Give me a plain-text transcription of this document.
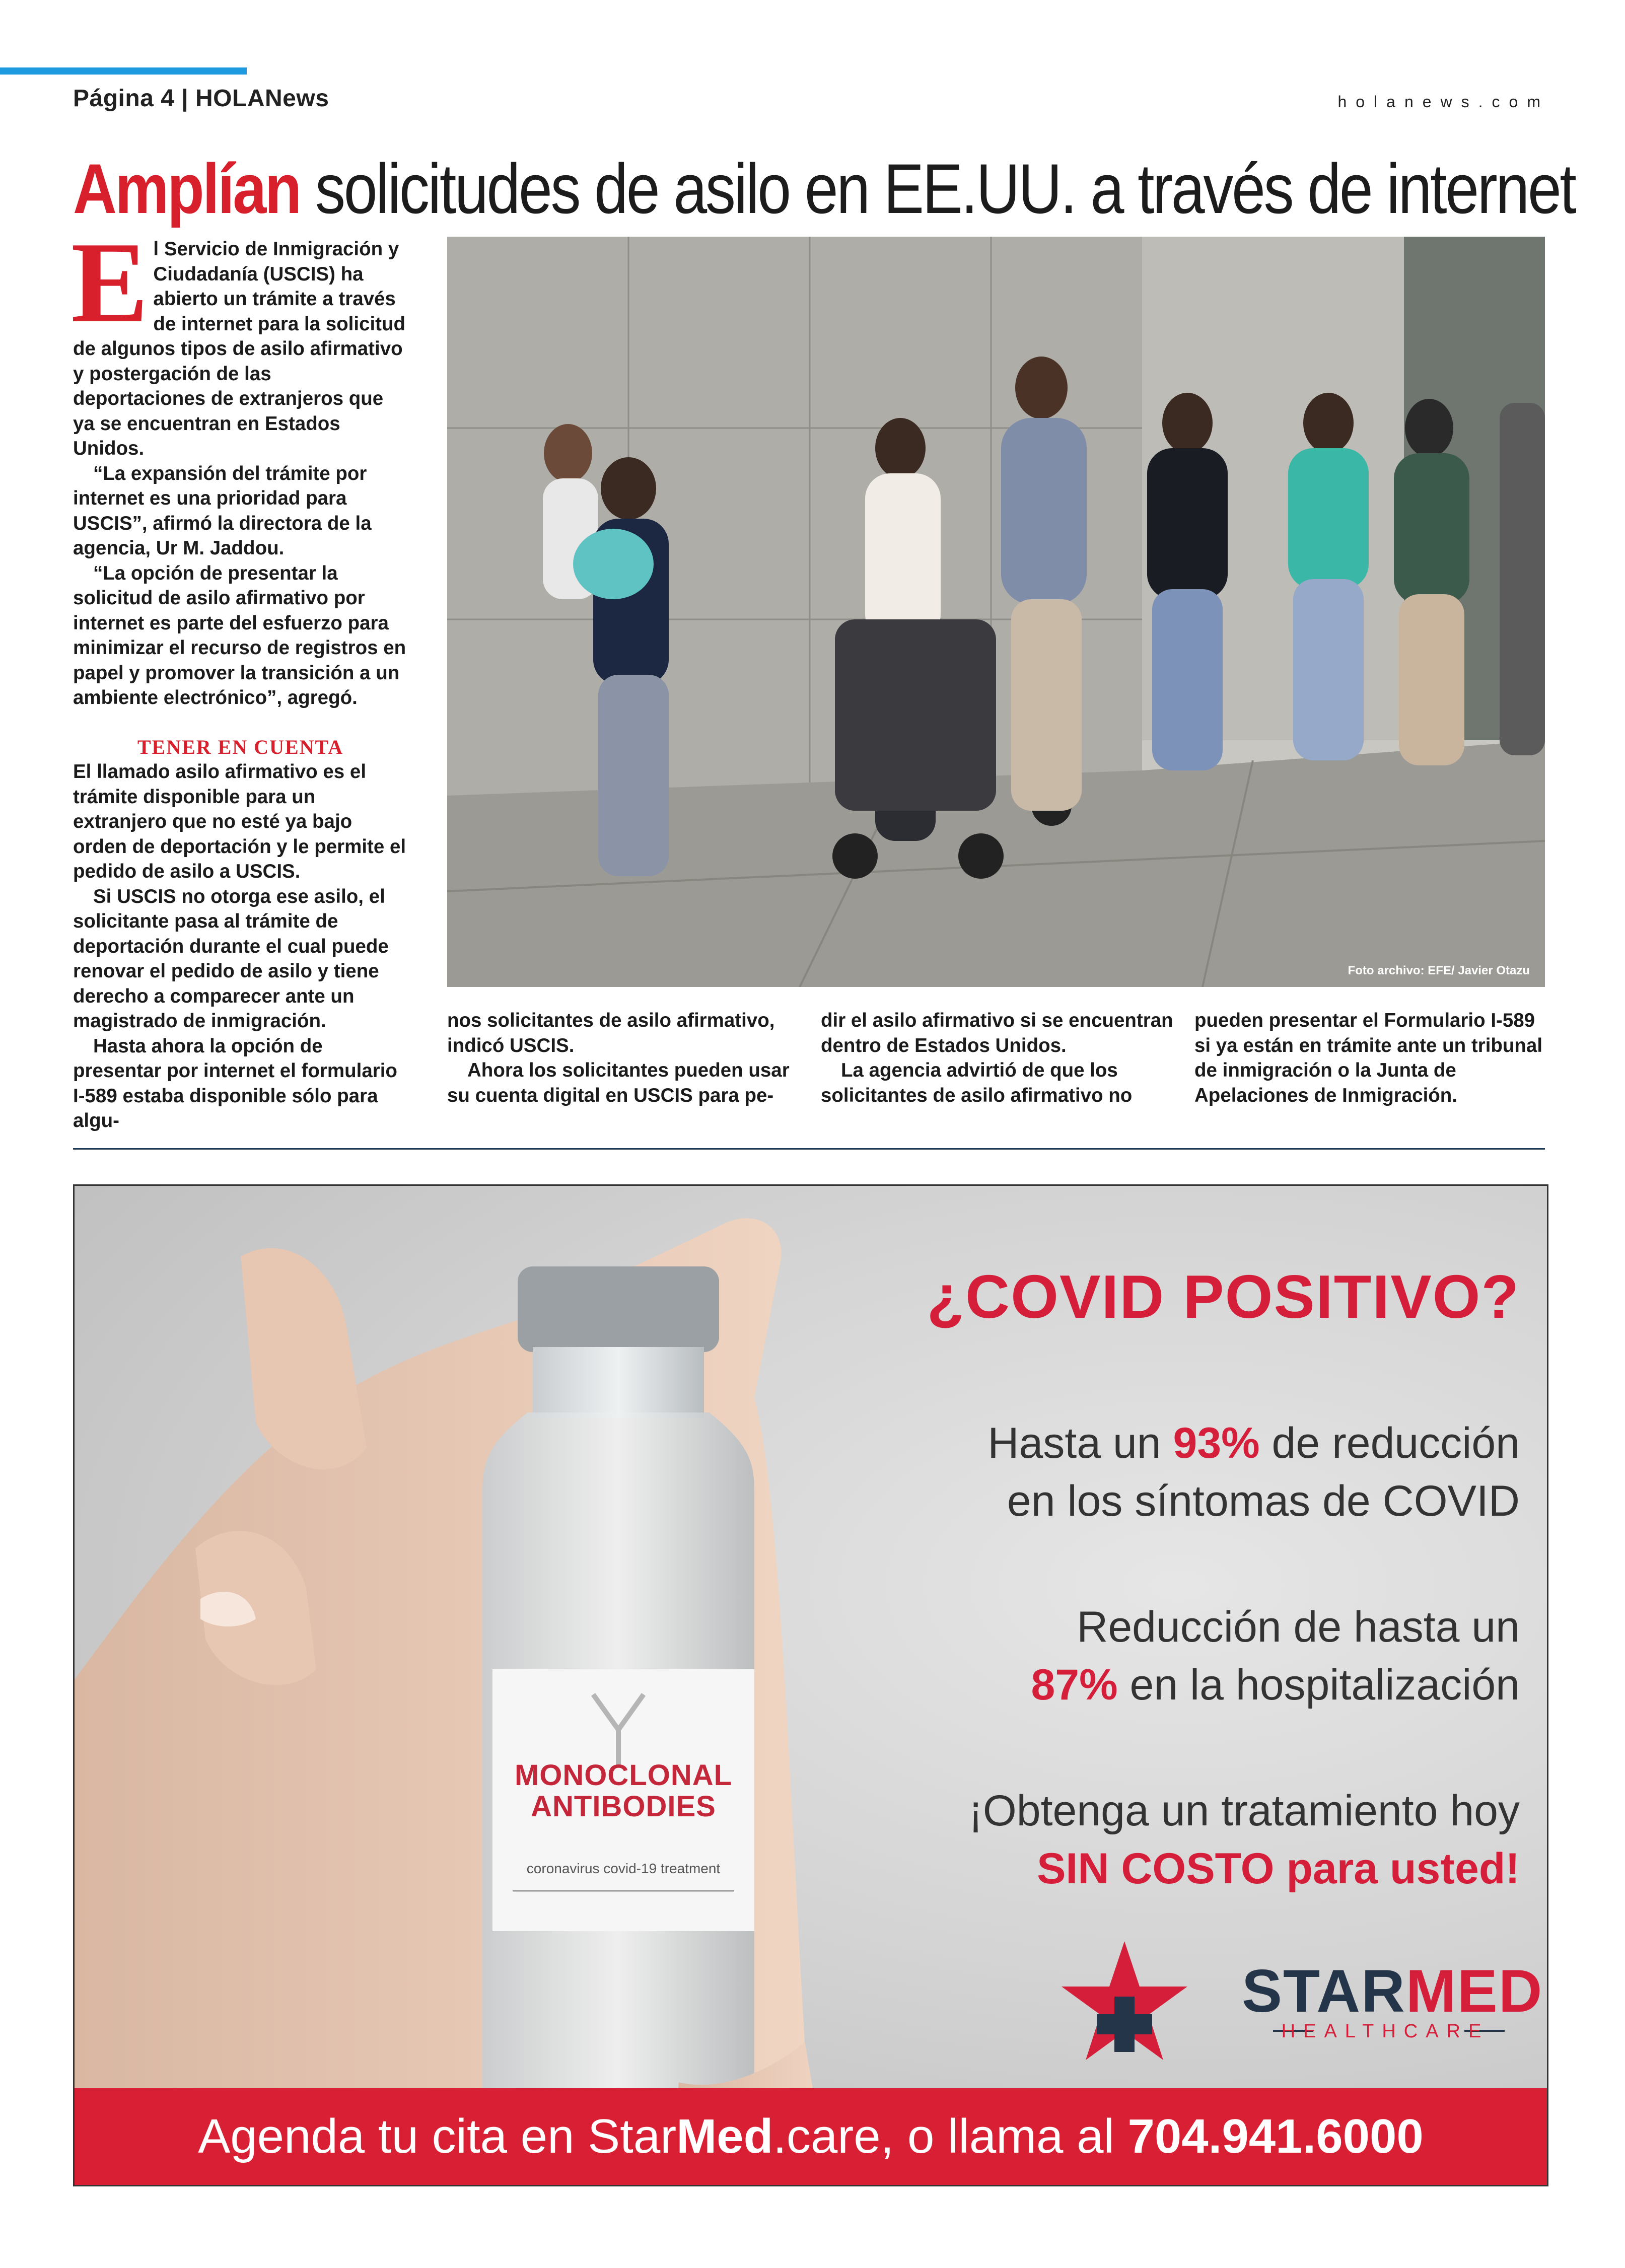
Página 4 | HOLANews	holanews.com
Amplían solicitudes de asilo en EE.UU. a través de internet
E l Servicio de Inmigración y Ciudadanía (USCIS) ha abierto un trámite a través de internet para la solicitud de algunos tipos de asilo afirmativo y postergación de las deportaciones de extranjeros que ya se encuentran en Estados Unidos.

“La expansión del trámite por internet es una prioridad para USCIS”, afirmó la directora de la agencia, Ur M. Jaddou.

“La opción de presentar la solicitud de asilo afirmativo por internet es parte del esfuerzo para minimizar el recurso de registros en papel y promover la transición a un ambiente electrónico”, agregó.

TENER EN CUENTA

El llamado asilo afirmativo es el trámite disponible para un extranjero que no esté ya bajo orden de deportación y le permite el pedido de asilo a USCIS.

Si USCIS no otorga ese asilo, el solicitante pasa al trámite de deportación durante el cual puede renovar el pedido de asilo y tiene derecho a comparecer ante un magistrado de inmigración.

Hasta ahora la opción de presentar por internet el formulario I-589 estaba disponible sólo para algu-

Foto archivo: EFE/ Javier Otazu

nos solicitantes de asilo afirmativo, indicó USCIS.

Ahora los solicitantes pueden usar su cuenta digital en USCIS para pe-

dir el asilo afirmativo si se encuentran dentro de Estados Unidos.

La agencia advirtió de que los solicitantes de asilo afirmativo no

pueden presentar el Formulario I-589 si ya están en trámite ante un tribunal de inmigración o la Junta de Apelaciones de Inmigración.

MONOCLONAL
ANTIBODIES
coronavirus covid-19 treatment
¿COVID POSITIVO?
Hasta un 93% de reducción
en los síntomas de COVID
Reducción de hasta un
87% en la hospitalización
¡Obtenga un tratamiento hoy
SIN COSTO para usted!
STARMED
HEALTHCARE
Agenda tu cita en StarMed.care, o llama al 704.941.6000
